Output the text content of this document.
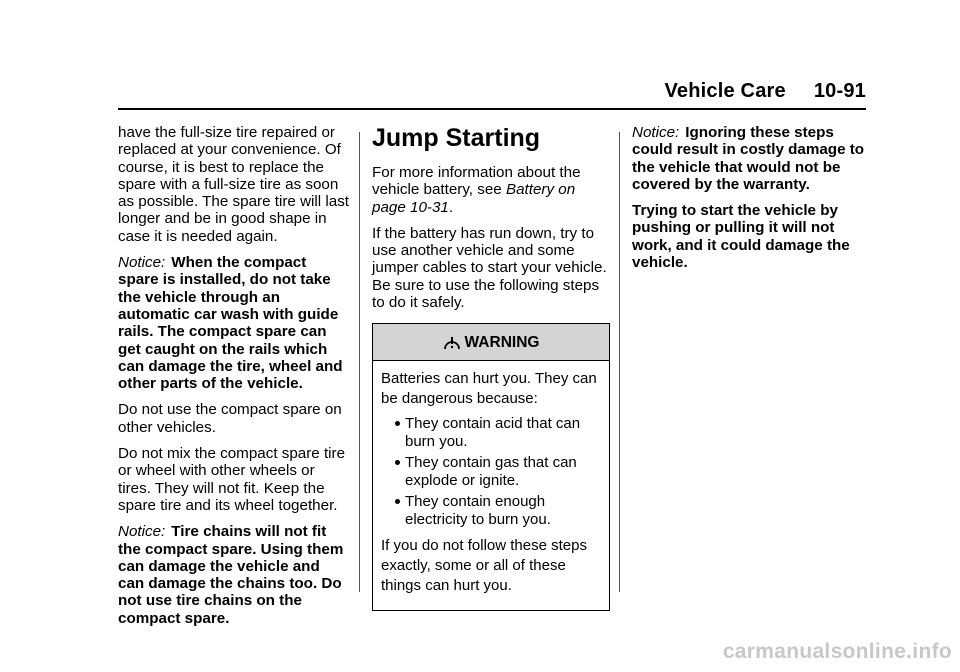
Vehicle Care 10-91

have the full-size tire repaired or replaced at your convenience. Of course, it is best to replace the spare with a full-size tire as soon as possible. The spare tire will last longer and be in good shape in case it is needed again.

Notice: When the compact spare is installed, do not take the vehicle through an automatic car wash with guide rails. The compact spare can get caught on the rails which can damage the tire, wheel and other parts of the vehicle.

Do not use the compact spare on other vehicles.

Do not mix the compact spare tire or wheel with other wheels or tires. They will not fit. Keep the spare tire and its wheel together.

Notice: Tire chains will not fit the compact spare. Using them can damage the vehicle and can damage the chains too. Do not use tire chains on the compact spare.

Jump Starting

For more information about the vehicle battery, see Battery on page 10-31.

If the battery has run down, try to use another vehicle and some jumper cables to start your vehicle. Be sure to use the following steps to do it safely.

WARNING

Batteries can hurt you. They can be dangerous because:

They contain acid that can burn you.
They contain gas that can explode or ignite.
They contain enough electricity to burn you.

If you do not follow these steps exactly, some or all of these things can hurt you.

Notice: Ignoring these steps could result in costly damage to the vehicle that would not be covered by the warranty.

Trying to start the vehicle by pushing or pulling it will not work, and it could damage the vehicle.

carmanualsonline.info
